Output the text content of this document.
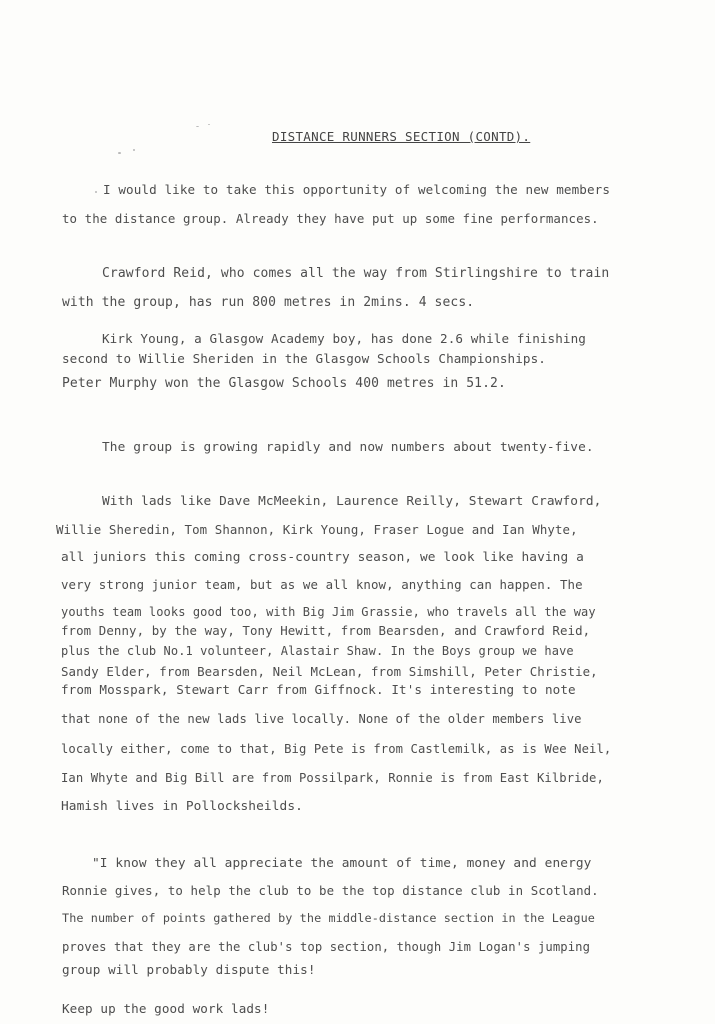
DISTANCE RUNNERS SECTION (CONTD).
I would like to take this opportunity of welcoming the new members
to the distance group. Already they have put up some fine performances.
Crawford Reid, who comes all the way from Stirlingshire to train
with the group, has run 800 metres in 2mins. 4 secs.
Kirk Young, a Glasgow Academy boy, has done 2.6 while finishing
second to Willie Sheriden in the Glasgow Schools Championships.
Peter Murphy won the Glasgow Schools 400 metres in 51.2.
The group is growing rapidly and now numbers about twenty-five.
With lads like Dave McMeekin, Laurence Reilly, Stewart Crawford,
Willie Sheredin, Tom Shannon, Kirk Young, Fraser Logue and Ian Whyte,
all juniors this coming cross-country season, we look like having a
very strong junior team, but as we all know, anything can happen. The
youths team looks good too, with Big Jim Grassie, who travels all the way
from Denny, by the way, Tony Hewitt, from Bearsden, and Crawford Reid,
plus the club No.1 volunteer, Alastair Shaw. In the Boys group we have
Sandy Elder, from Bearsden, Neil McLean, from Simshill, Peter Christie,
from Mosspark, Stewart Carr from Giffnock. It's interesting to note
that none of the new lads live locally. None of the older members live
locally either, come to that, Big Pete is from Castlemilk, as is Wee Neil,
Ian Whyte and Big Bill are from Possilpark, Ronnie is from East Kilbride,
Hamish lives in Pollocksheilds.
"I know they all appreciate the amount of time, money and energy
Ronnie gives, to help the club to be the top distance club in Scotland.
The number of points gathered by the middle-distance section in the League
proves that they are the club's top section, though Jim Logan's jumping
group will probably dispute this!
Keep up the good work lads!
